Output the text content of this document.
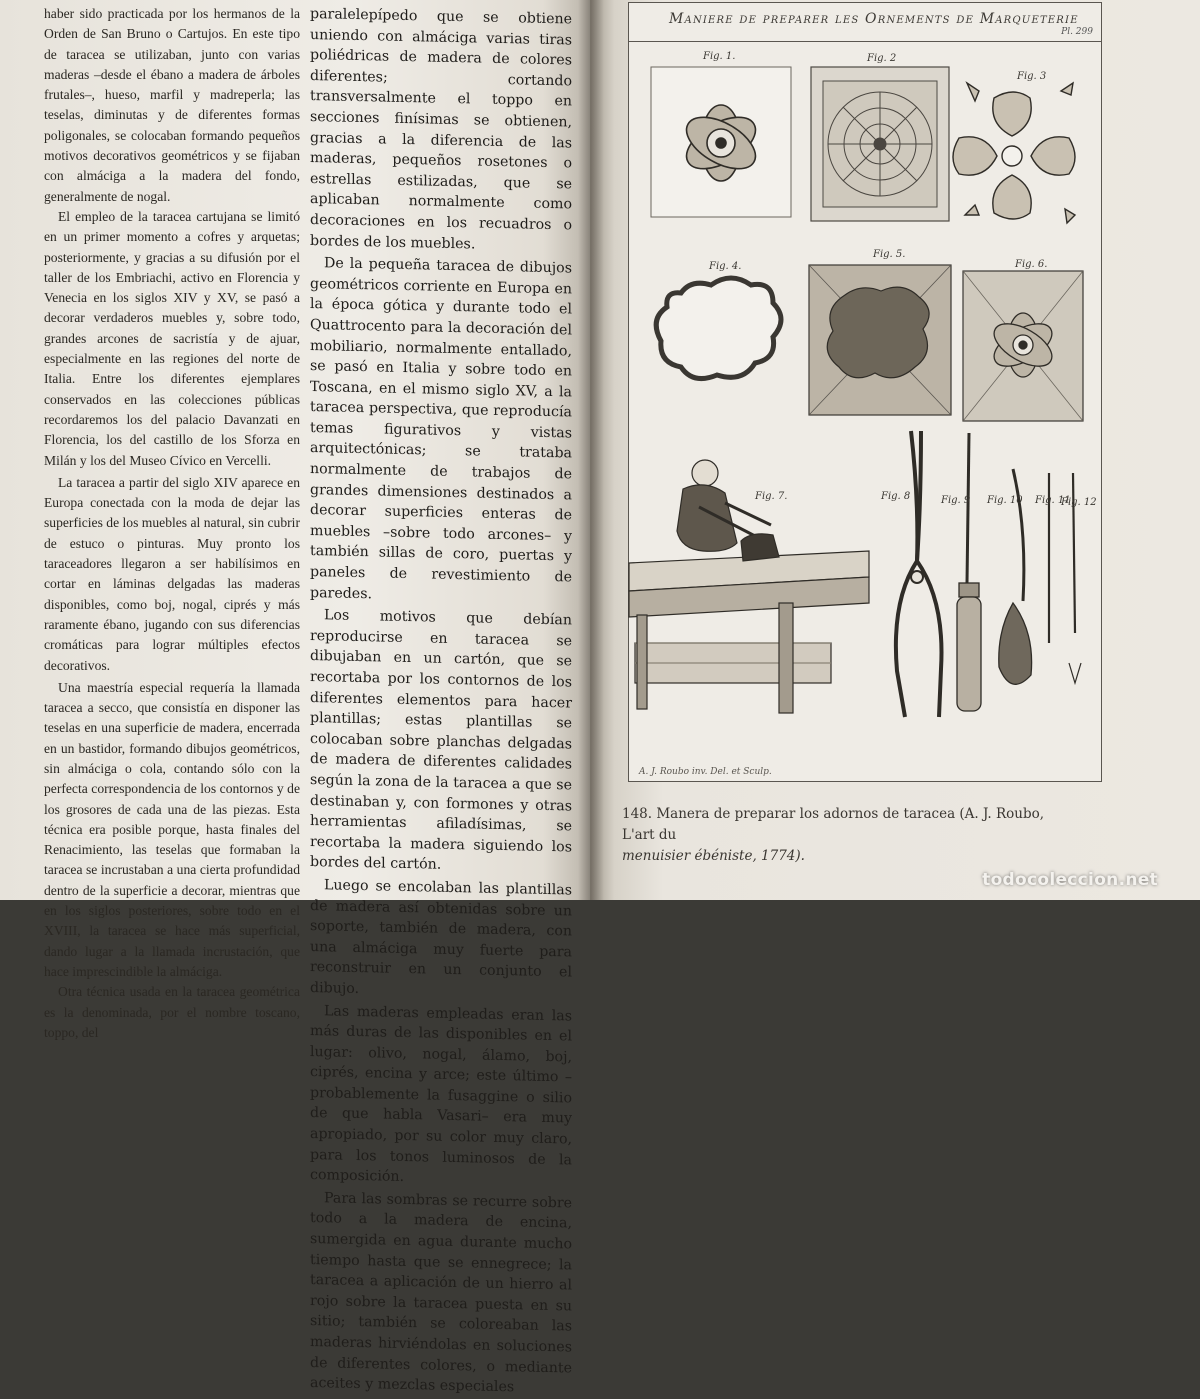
haber sido practicada por los hermanos de la Orden de San Bruno o Cartujos. En este tipo de taracea se utilizaban, junto con varias maderas –desde el ébano a madera de árboles frutales–, hueso, marfil y madreperla; las teselas, diminutas y de diferentes formas poligonales, se colocaban formando pequeños motivos decorativos geométricos y se fijaban con almáciga a la madera del fondo, generalmente de nogal.

El empleo de la taracea cartujana se limitó en un primer momento a cofres y arquetas; posteriormente, y gracias a su difusión por el taller de los Embriachi, activo en Florencia y Venecia en los siglos XIV y XV, se pasó a decorar verdaderos muebles y, sobre todo, grandes arcones de sacristía y de ajuar, especialmente en las regiones del norte de Italia. Entre los diferentes ejemplares conservados en las colecciones públicas recordaremos los del palacio Davanzati en Florencia, los del castillo de los Sforza en Milán y los del Museo Cívico en Vercelli.

La taracea a partir del siglo XIV aparece en Europa conectada con la moda de dejar las superficies de los muebles al natural, sin cubrir de estuco o pinturas. Muy pronto los taraceadores llegaron a ser habilísimos en cortar en láminas delgadas las maderas disponibles, como boj, nogal, ciprés y más raramente ébano, jugando con sus diferencias cromáticas para lograr múltiples efectos decorativos.

Una maestría especial requería la llamada taracea a secco, que consistía en disponer las teselas en una superficie de madera, encerrada en un bastidor, formando dibujos geométricos, sin almáciga o cola, contando sólo con la perfecta correspondencia de los contornos y de los grosores de cada una de las piezas. Esta técnica era posible porque, hasta finales del Renacimiento, las teselas que formaban la taracea se incrustaban a una cierta profundidad dentro de la superficie a decorar, mientras que en los siglos posteriores, sobre todo en el XVIII, la taracea se hace más superficial, dando lugar a la llamada incrustación, que hace imprescindible la almáciga.

Otra técnica usada en la taracea geométrica es la denominada, por el nombre toscano, toppo, del

paralelepípedo que se obtiene uniendo con almáciga varias tiras poliédricas de madera de colores diferentes; cortando transversalmente el toppo en secciones finísimas se obtienen, gracias a la diferencia de las maderas, pequeños rosetones o estrellas estilizadas, que se aplicaban normalmente como decoraciones en los recuadros o bordes de los muebles.

De la pequeña taracea de dibujos geométricos corriente en Europa en la época gótica y durante todo el Quattrocento para la decoración del mobiliario, normalmente entallado, se pasó en Italia y sobre todo en Toscana, en el mismo siglo XV, a la taracea perspectiva, que reproducía temas figurativos y vistas arquitectónicas; se trataba normalmente de trabajos de grandes dimensiones destinados a decorar superficies enteras de muebles –sobre todo arcones– y también sillas de coro, puertas y paneles de revestimiento de paredes.

Los motivos que debían reproducirse en taracea se dibujaban en un cartón, que se recortaba por los contornos de los diferentes elementos para hacer plantillas; estas plantillas se colocaban sobre planchas delgadas de madera de diferentes calidades según la zona de la taracea a que se destinaban y, con formones y otras herramientas afiladísimas, se recortaba la madera siguiendo los bordes del cartón.

Luego se encolaban las plantillas de madera así obtenidas sobre un soporte, también de madera, con una almáciga muy fuerte para reconstruir en un conjunto el dibujo.

Las maderas empleadas eran las más duras de las disponibles en el lugar: olivo, nogal, álamo, boj, ciprés, encina y arce; este último –probablemente la fusaggine o silio de que habla Vasari– era muy apropiado, por su color muy claro, para los tonos luminosos de la composición.

Para las sombras se recurre sobre todo a la madera de encina, sumergida en agua durante mucho tiempo hasta que se ennegrece; la taracea a aplicación de un hierro al rojo sobre la taracea puesta en su sitio; también se coloreaban las maderas hirviéndolas en soluciones de diferentes colores, o mediante aceites y mezclas especiales

Maniere de preparer les Ornements de Marqueterie
Pl. 299
Fig. 1.	Fig. 2
Fig. 3
Fig. 4.
Fig. 5.
Fig. 6.
Fig. 7.	Fig. 8	Fig. 9 Fig. 10 Fig. 11
Fig. 12
A. J. Roubo inv. Del. et Sculp.
148. Manera de preparar los adornos de taracea (A. J. Roubo, L'art du
menuisier ébéniste, 1774).
todocoleccion.net
